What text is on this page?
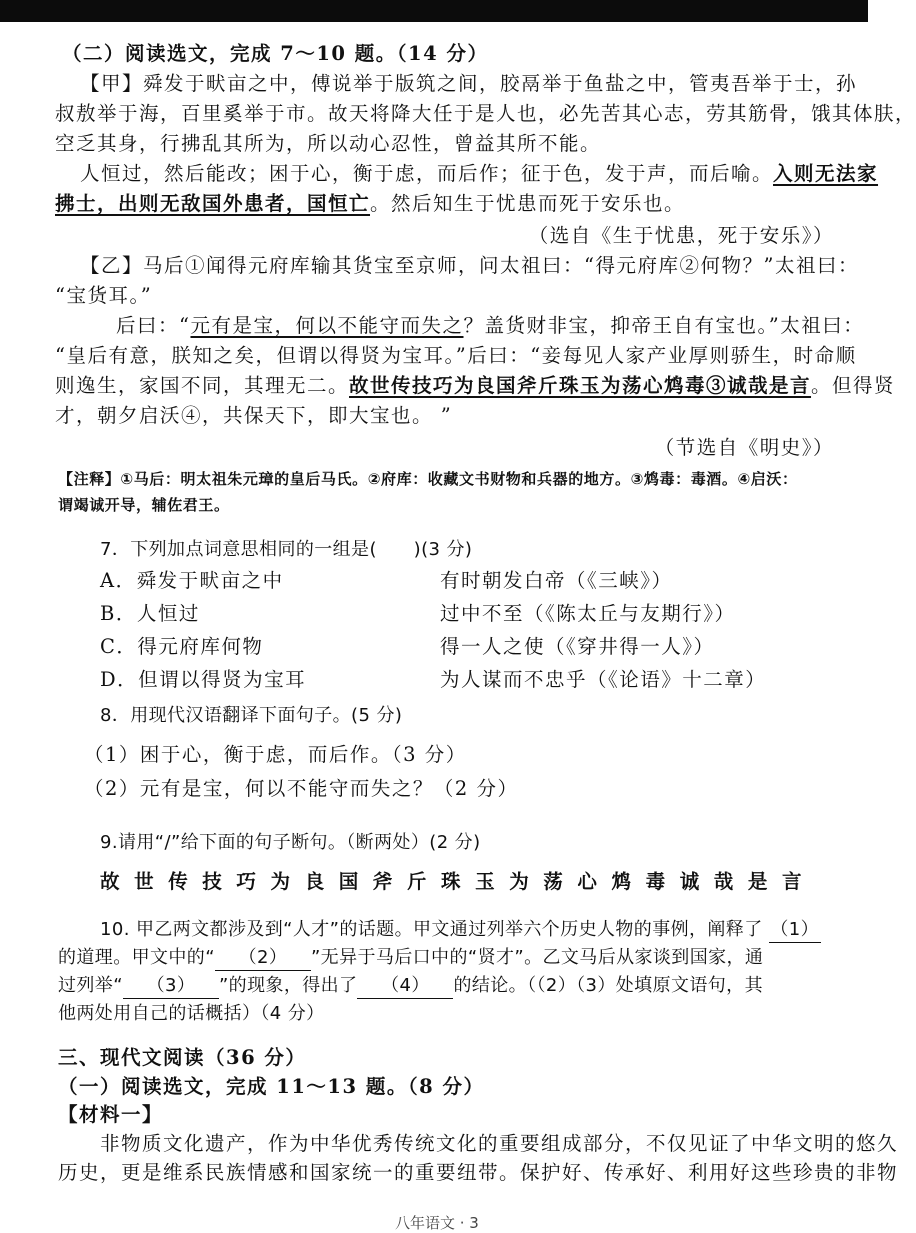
（二）阅读选文，完成 7～10 题。（14 分）
【甲】舜发于畎亩之中，傅说举于版筑之间，胶鬲举于鱼盐之中，管夷吾举于士，孙
叔敖举于海，百里奚举于市。故天将降大任于是人也，必先苦其心志，劳其筋骨，饿其体肤，
空乏其身，行拂乱其所为，所以动心忍性，曾益其所不能。
人恒过，然后能改；困于心，衡于虑，而后作；征于色，发于声，而后喻。入则无法家
拂士，出则无敌国外患者，国恒亡。然后知生于忧患而死于安乐也。
（选自《生于忧患，死于安乐》）
【乙】马后①闻得元府库输其货宝至京师，问太祖曰：“得元府库②何物？”太祖曰：
“宝货耳。”
后曰：“元有是宝，何以不能守而失之？盖货财非宝，抑帝王自有宝也。”太祖曰：
“皇后有意，朕知之矣，但谓以得贤为宝耳。”后曰：“妾每见人家产业厚则骄生，时命顺
则逸生，家国不同，其理无二。故世传技巧为良国斧斤珠玉为荡心鸩毒③诚哉是言。但得贤
才，朝夕启沃④，共保天下，即大宝也。 ”
（节选自《明史》）
【注释】①马后：明太祖朱元璋的皇后马氏。②府库：收藏文书财物和兵器的地方。③鸩毒：毒酒。④启沃：
谓竭诚开导，辅佐君王。
7．下列加点词意思相同的一组是(　　)(3 分)
A．舜发于畎亩之中	有时朝发白帝（《三峡》）
B．人恒过	过中不至（《陈太丘与友期行》）
C．得元府库何物	得一人之使（《穿井得一人》）
D．但谓以得贤为宝耳	为人谋而不忠乎（《论语》十二章）
8．用现代汉语翻译下面句子。(5 分)
（1）困于心，衡于虑，而后作。（3 分）
（2）元有是宝，何以不能守而失之？（2 分）
9.请用“/”给下面的句子断句。（断两处）(2 分)
故世传技巧为良国斧斤珠玉为荡心鸩毒诚哉是言
10. 甲乙两文都涉及到“人才”的话题。甲文通过列举六个历史人物的事例，阐释了 （1）
的道理。甲文中的“ （2） ”无异于马后口中的“贤才”。乙文马后从家谈到国家，通
过列举“ （3） ”的现象，得出了 （4） 的结论。（（2）（3）处填原文语句，其
他两处用自己的话概括）（4 分）
三、现代文阅读（36 分）
（一）阅读选文，完成 11～13 题。（8 分）
【材料一】
非物质文化遗产，作为中华优秀传统文化的重要组成部分，不仅见证了中华文明的悠久
历史，更是维系民族情感和国家统一的重要纽带。保护好、传承好、利用好这些珍贵的非物
八年语文 · 3
